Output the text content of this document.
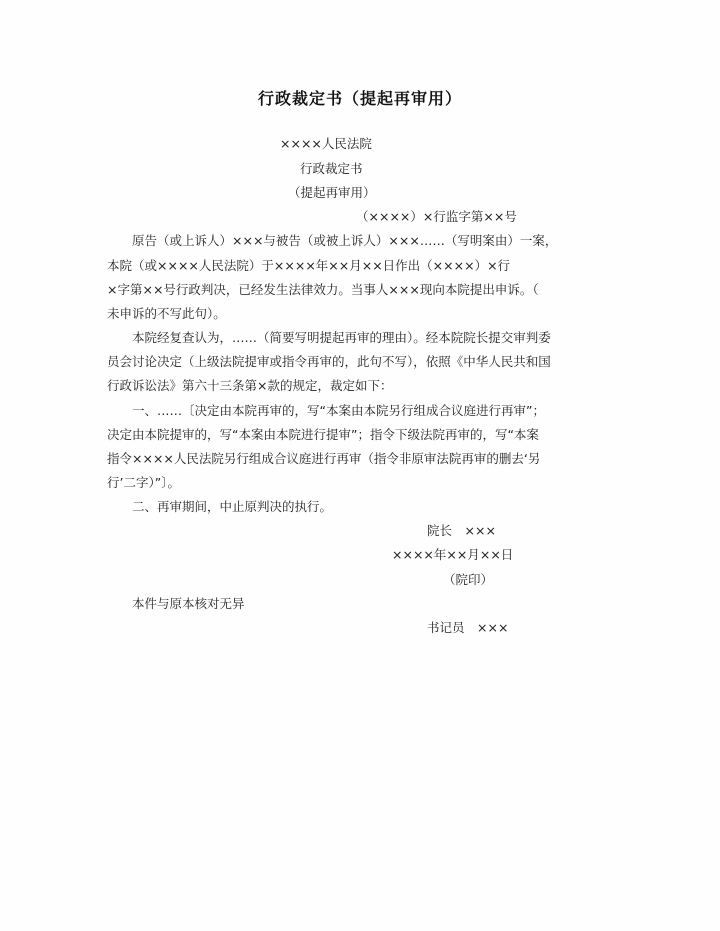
行政裁定书（提起再审用）
××××人民法院
行政裁定书
（提起再审用）
（××××）×行监字第××号
原告（或上诉人）×××与被告（或被上诉人）×××……（写明案由）一案，
本院（或××××人民法院）于××××年××月××日作出（××××）×行
×字第××号行政判决，已经发生法律效力。当事人×××现向本院提出申诉。（
未申诉的不写此句）。
本院经复查认为，……（简要写明提起再审的理由）。经本院院长提交审判委
员会讨论决定（上级法院提审或指令再审的，此句不写），依照《中华人民共和国
行政诉讼法》第六十三条第×款的规定，裁定如下：
一、……〔决定由本院再审的，写“本案由本院另行组成合议庭进行再审”；
决定由本院提审的，写“本案由本院进行提审”；指令下级法院再审的，写“本案
指令××××人民法院另行组成合议庭进行再审（指令非原审法院再审的删去‘另
行’二字）”〕。
二、再审期间，中止原判决的执行。
院长　×××
××××年××月××日
（院印）
本件与原本核对无异
书记员　×××
